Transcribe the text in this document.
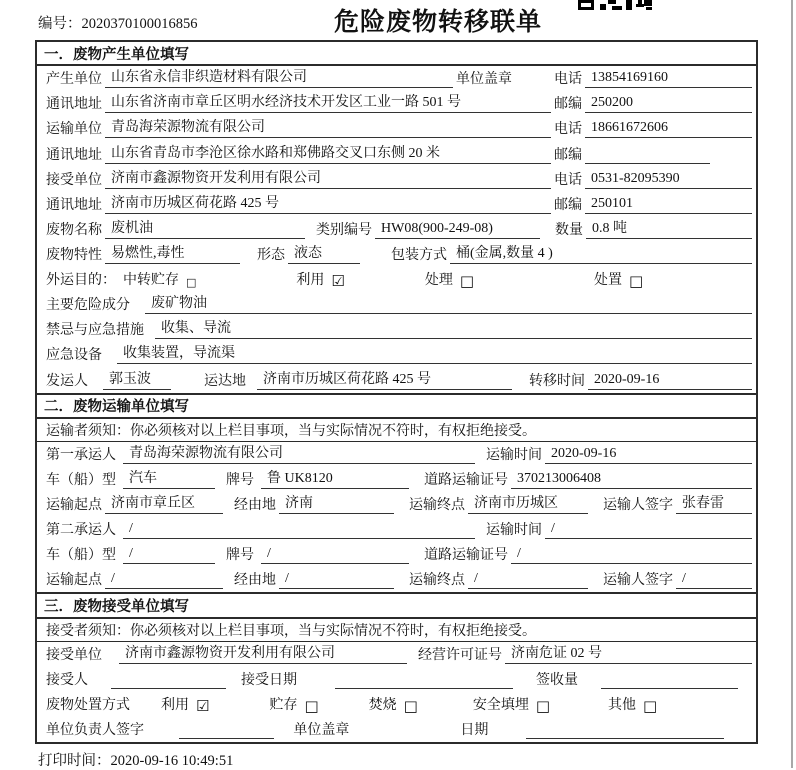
编号：2020370100016856	危险废物转移联单
一．废物产生单位填写
产生单位 山东省永信非织造材料有限公司	单位盖章	电话 13854169160
通讯地址 山东省济南市章丘区明水经济技术开发区工业一路 501 号	邮编 250200
运输单位 青岛海荣源物流有限公司	电话 18661672606
通讯地址 山东省青岛市李沧区徐水路和郑佛路交叉口东侧 20 米	邮编
接受单位 济南市鑫源物资开发利用有限公司	电话 0531-82095390
通讯地址 济南市历城区荷花路 425 号	邮编 250101
废物名称 废机油	类别编号 HW08(900-249-08)	数量 0.8 吨
废物特性 易燃性,毒性	形态 液态	包装方式 桶(金属,数量 4 )
外运目的： 中转贮存 □	利用 ☑	处理 □	处置 □
主要危险成分	废矿物油
禁忌与应急措施	收集、导流
应急设备	收集装置，导流渠
发运人	郭玉波	运达地	济南市历城区荷花路 425 号	转移时间 2020-09-16
二．废物运输单位填写
运输者须知：你必须核对以上栏目事项，当与实际情况不符时，有权拒绝接受。
第一承运人 青岛海荣源物流有限公司	运输时间 2020-09-16
车（船）型 汽车	牌号 鲁 UK8120	道路运输证号 370213006408
运输起点 济南市章丘区	经由地 济南	运输终点 济南市历城区	运输人签字 张春雷
第二承运人 /	运输时间 /
车（船）型 /	牌号 /	道路运输证号 /
运输起点 /	经由地 /	运输终点 /	运输人签字 /
三．废物接受单位填写
接受者须知：你必须核对以上栏目事项，当与实际情况不符时，有权拒绝接受。
接受单位	济南市鑫源物资开发利用有限公司	经营许可证号 济南危证 02 号
接受人	接受日期	签收量
废物处置方式 利用 ☑	贮存 □	焚烧 □	安全填埋 □	其他 □
单位负责人签字	单位盖章	日期
打印时间：2020-09-16 10:49:51
